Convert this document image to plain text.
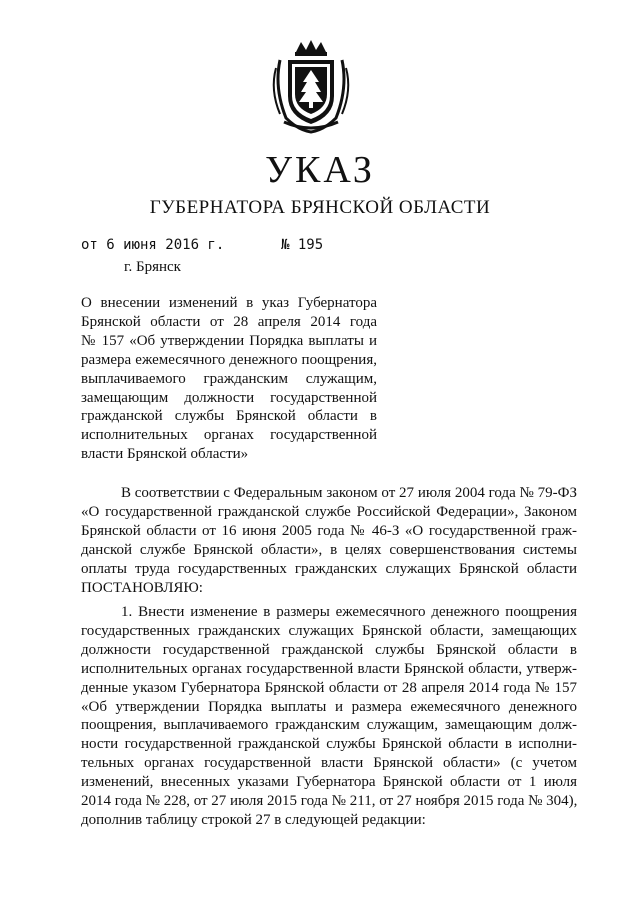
УКАЗ
ГУБЕРНАТОРА БРЯНСКОЙ ОБЛАСТИ
от 6 июня 2016 г.	№ 195
г. Брянск
О внесении изменений в указ Губернатора
Брянской области от 28 апреля 2014 года
№ 157 «Об утверждении Порядка выплаты и
размера ежемесячного денежного поощрения,
выплачиваемого гражданским служащим,
замещающим должности государственной
гражданской службы Брянской области в
исполнительных органах государственной
власти Брянской области»
В соответствии с Федеральным законом от 27 июля 2004 года № 79-ФЗ
«О государственной гражданской службе Российской Федерации», Законом
Брянской области от 16 июня 2005 года № 46-З «О государственной граж-
данской службе Брянской области», в целях совершенствования системы
оплаты труда государственных гражданских служащих Брянской области
ПОСТАНОВЛЯЮ:
1. Внести изменение в размеры ежемесячного денежного поощрения
государственных гражданских служащих Брянской области, замещающих
должности государственной гражданской службы Брянской области в
исполнительных органах государственной власти Брянской области, утверж-
денные указом Губернатора Брянской области от 28 апреля 2014 года № 157
«Об утверждении Порядка выплаты и размера ежемесячного денежного
поощрения, выплачиваемого гражданским служащим, замещающим долж-
ности государственной гражданской службы Брянской области в исполни-
тельных органах государственной власти Брянской области» (с учетом
изменений, внесенных указами Губернатора Брянской области от 1 июля
2014 года № 228, от 27 июля 2015 года № 211, от 27 ноября 2015 года № 304),
дополнив таблицу строкой 27 в следующей редакции:
